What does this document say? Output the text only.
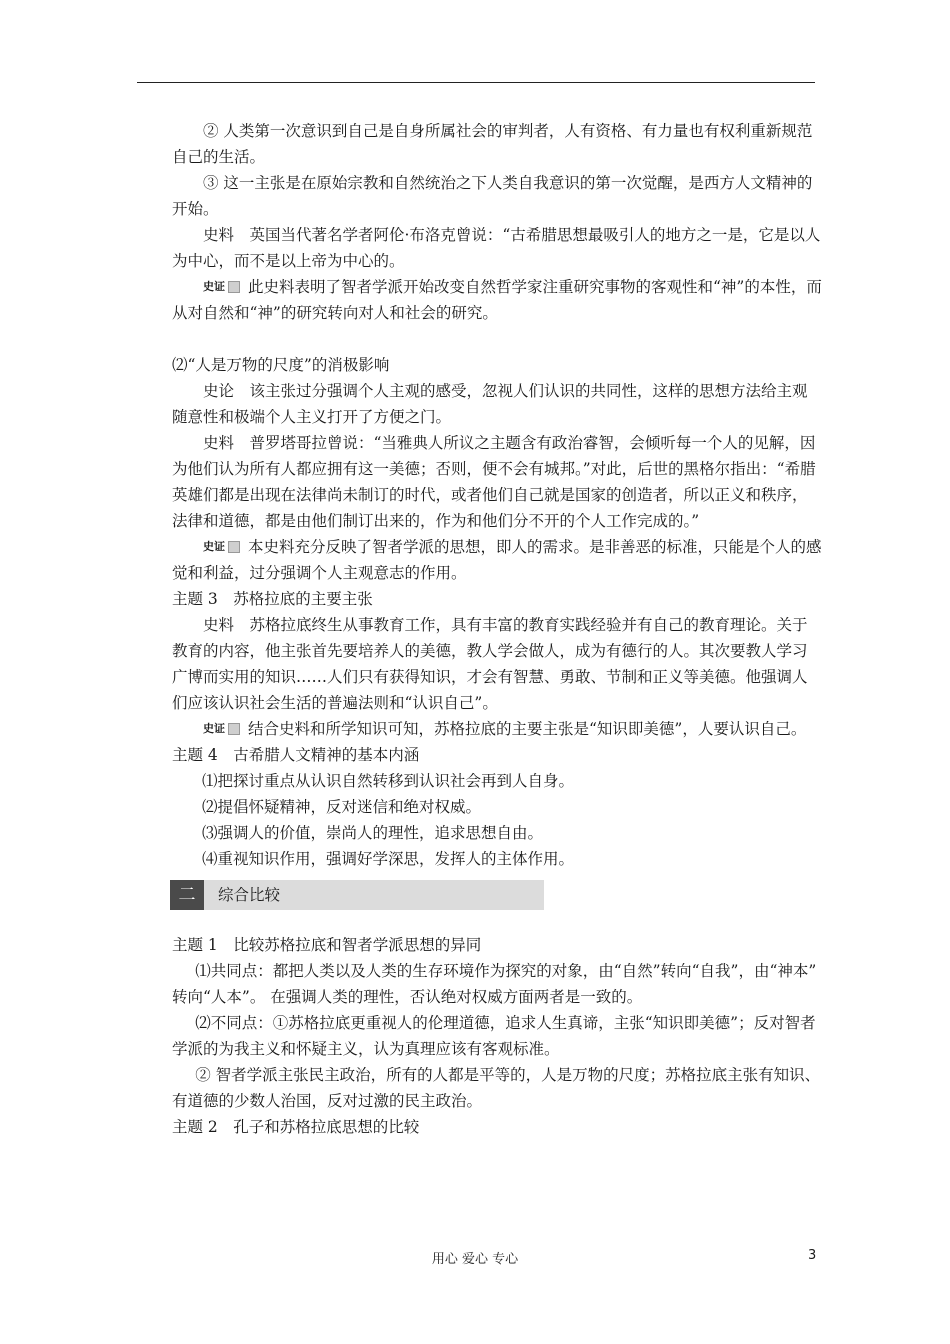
② 人类第一次意识到自己是自身所属社会的审判者，人有资格、有力量也有权利重新规范自己的生活。

③ 这一主张是在原始宗教和自然统治之下人类自我意识的第一次觉醒，是西方人文精神的开始。

史料　英国当代著名学者阿伦·布洛克曾说：“古希腊思想最吸引人的地方之一是，它是以人为中心，而不是以上帝为中心的。

史证 此史料表明了智者学派开始改变自然哲学家注重研究事物的客观性和“神”的本性，而从对自然和“神”的研究转向对人和社会的研究。

⑵“人是万物的尺度”的消极影响

史论　该主张过分强调个人主观的感受，忽视人们认识的共同性，这样的思想方法给主观随意性和极端个人主义打开了方便之门。

史料　普罗塔哥拉曾说：“当雅典人所议之主题含有政治睿智，会倾听每一个人的见解，因为他们认为所有人都应拥有这一美德；否则，便不会有城邦。”对此，后世的黑格尔指出：“希腊英雄们都是出现在法律尚未制订的时代，或者他们自己就是国家的创造者，所以正义和秩序，法律和道德，都是由他们制订出来的，作为和他们分不开的个人工作完成的。”

史证 本史料充分反映了智者学派的思想，即人的需求。是非善恶的标准，只能是个人的感觉和利益，过分强调个人主观意志的作用。

主题 3　苏格拉底的主要主张

史料　苏格拉底终生从事教育工作，具有丰富的教育实践经验并有自己的教育理论。关于教育的内容，他主张首先要培养人的美德，教人学会做人，成为有德行的人。其次要教人学习广博而实用的知识……人们只有获得知识，才会有智慧、勇敢、节制和正义等美德。他强调人们应该认识社会生活的普遍法则和“认识自己”。

史证 结合史料和所学知识可知，苏格拉底的主要主张是“知识即美德”，人要认识自己。

主题 4　古希腊人文精神的基本内涵

⑴把探讨重点从认识自然转移到认识社会再到人自身。

⑵提倡怀疑精神，反对迷信和绝对权威。

⑶强调人的价值，崇尚人的理性，追求思想自由。

⑷重视知识作用，强调好学深思，发挥人的主体作用。

二	综合比较

主题 1　比较苏格拉底和智者学派思想的异同

⑴共同点：都把人类以及人类的生存环境作为探究的对象，由“自然”转向“自我”，由“神本” 转向“人本”。 在强调人类的理性，否认绝对权威方面两者是一致的。

⑵不同点：①苏格拉底更重视人的伦理道德，追求人生真谛，主张“知识即美德”；反对智者学派的为我主义和怀疑主义，认为真理应该有客观标准。

② 智者学派主张民主政治，所有的人都是平等的，人是万物的尺度；苏格拉底主张有知识、有道德的少数人治国，反对过激的民主政治。

主题 2　孔子和苏格拉底思想的比较

用心 爱心 专心	3
